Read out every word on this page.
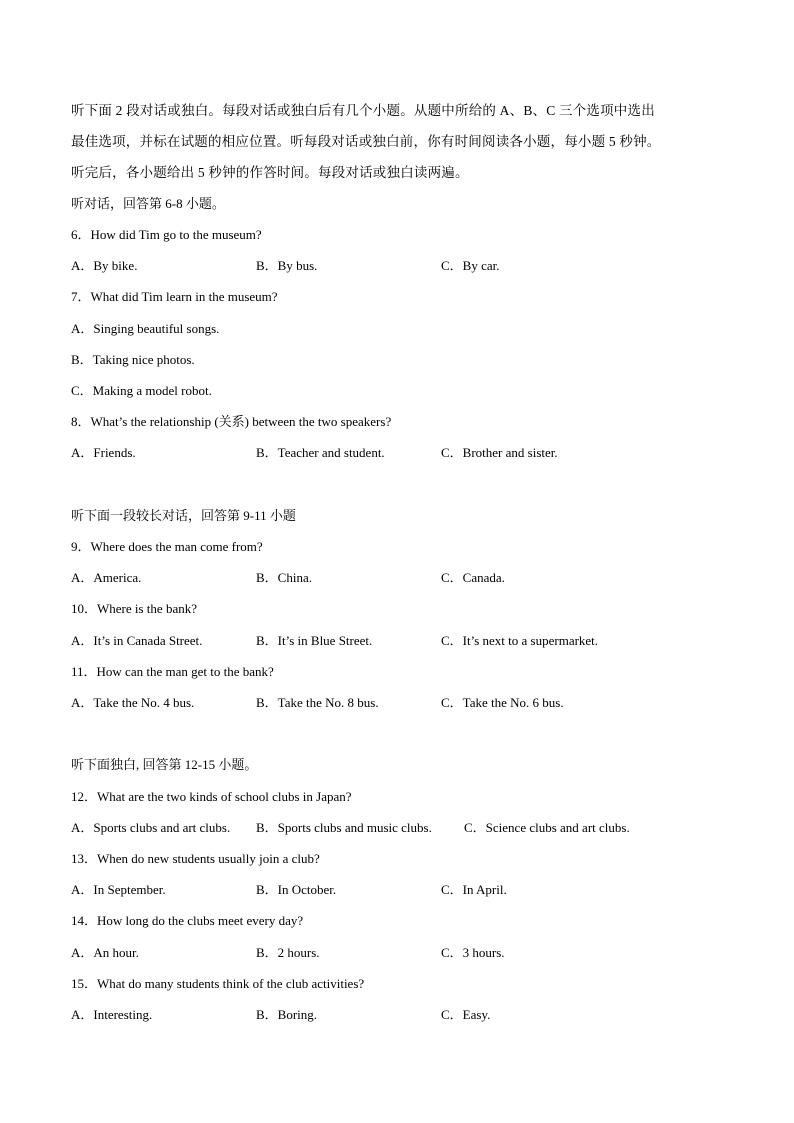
听下面 2 段对话或独白。每段对话或独白后有几个小题。从题中所给的 A、B、C 三个选项中选出
最佳选项，并标在试题的相应位置。听每段对话或独白前，你有时间阅读各小题，每小题 5 秒钟。
听完后，各小题给出 5 秒钟的作答时间。每段对话或独白读两遍。
听对话，回答第 6-8 小题。
6．How did Tim go to the museum?
A．By bike.	B．By bus.	C．By car.
7．What did Tim learn in the museum?
A．Singing beautiful songs.
B．Taking nice photos.
C．Making a model robot.
8．What’s the relationship (关系) between the two speakers?
A．Friends.	B．Teacher and student.	C．Brother and sister.
听下面一段较长对话，回答第 9-11 小题
9．Where does the man come from?
A．America.	B．China.	C．Canada.
10．Where is the bank?
A．It’s in Canada Street.	B．It’s in Blue Street.	C．It’s next to a supermarket.
11．How can the man get to the bank?
A．Take the No. 4 bus.	B．Take the No. 8 bus.	C．Take the No. 6 bus.
听下面独白, 回答第 12-15 小题。
12．What are the two kinds of school clubs in Japan?
A．Sports clubs and art clubs. B．Sports clubs and music clubs. C．Science clubs and art clubs.
13．When do new students usually join a club?
A．In September.	B．In October.	C．In April.
14．How long do the clubs meet every day?
A．An hour.	B．2 hours.	C．3 hours.
15．What do many students think of the club activities?
A．Interesting.	B．Boring.	C．Easy.
